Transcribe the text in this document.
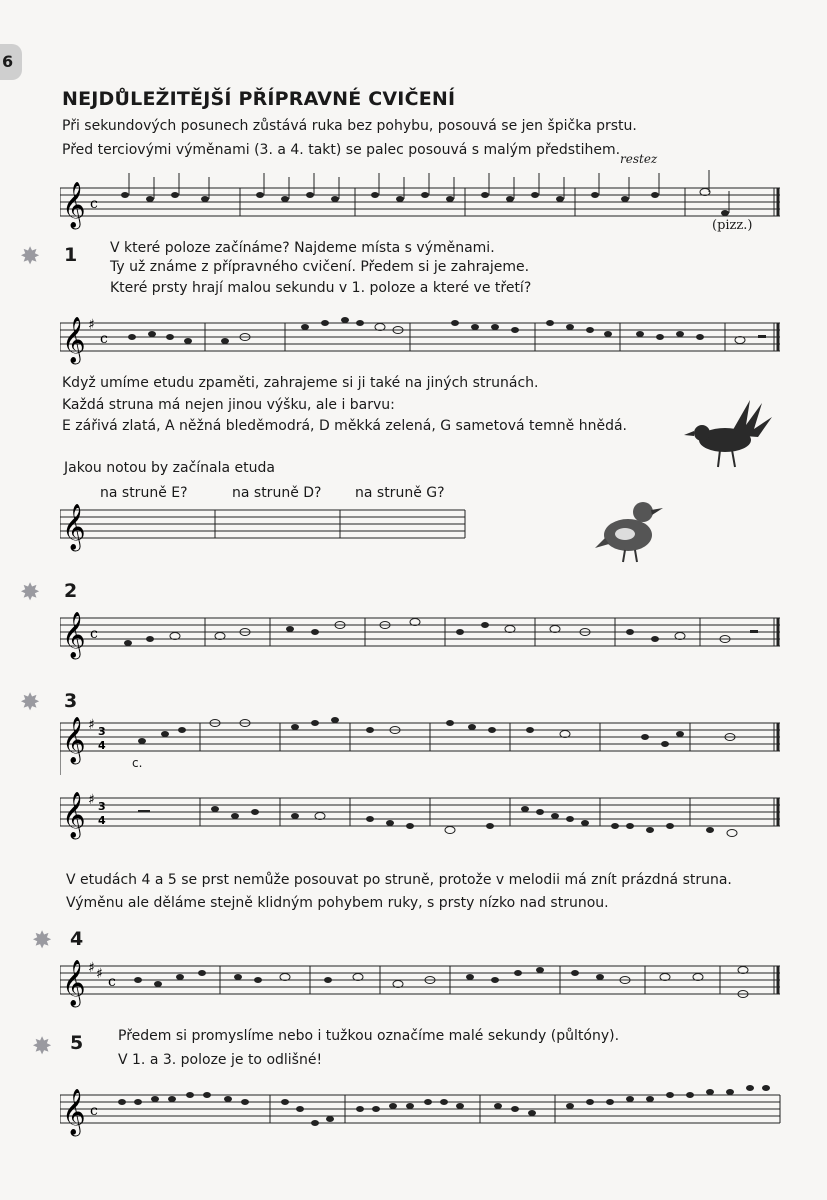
6
NEJDŮLEŽITĚJŠÍ PŘÍPRAVNÉ CVIČENÍ
Při sekundových posunech zůstává ruka bez pohybu, posouvá se jen špička prstu.
Před terciovými výměnami (3. a 4. takt) se palec posouvá s malým předstihem.
restez
𝄞 c
(pizz.)
✸ 1 V které poloze začínáme? Najdeme místa s výměnami.
Ty už známe z přípravného cvičení. Předem si je zahrajeme.
Které prsty hrají malou sekundu v 1. poloze a které ve třetí?
𝄞 ♯
c
Když umíme etudu zpaměti, zahrajeme si ji také na jiných strunách.
Každá struna má nejen jinou výšku, ale i barvu:
E zářivá zlatá, A něžná bleděmodrá, D měkká zelená, G sametová temně hnědá.
Jakou notou by začínala etuda
na struně E?	na struně D? na struně G?
𝄞
✸ 2
𝄞 c
✸ 3
𝄞 ♯ 3
4
c.
𝄞 ♯ 3
4
V etudách 4 a 5 se prst nemůže posouvat po struně, protože v melodii má znít prázdná struna.
Výměnu ale děláme stejně klidným pohybem ruky, s prsty nízko nad strunou.
✸ 4
𝄞 ♯ ♯ c
✸ 5 Předem si promyslíme nebo i tužkou označíme malé sekundy (půltóny).
V 1. a 3. poloze je to odlišné!
𝄞 c
